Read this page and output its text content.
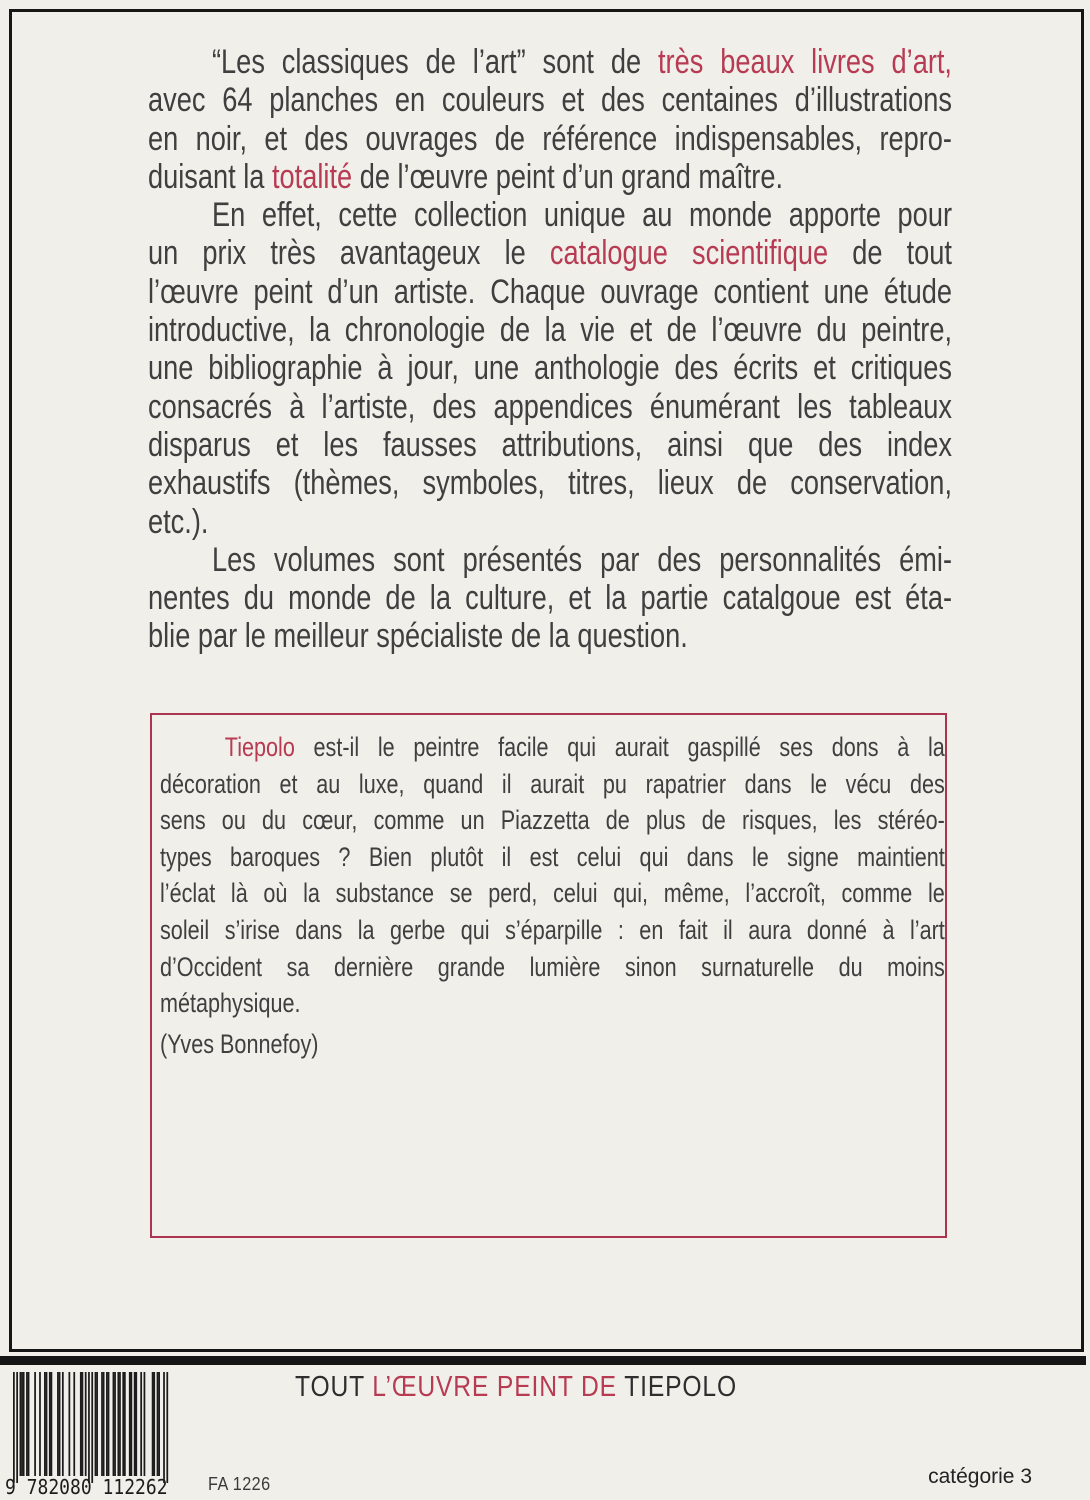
“Les classiques de l’art” sont de très beaux livres d’art,
avec 64 planches en couleurs et des centaines d’illustrations
en noir, et des ouvrages de référence indispensables, repro-
duisant la totalité de l’œuvre peint d’un grand maître.
En effet, cette collection unique au monde apporte pour
un prix très avantageux le catalogue scientifique de tout
l’œuvre peint d’un artiste. Chaque ouvrage contient une étude
introductive, la chronologie de la vie et de l’œuvre du peintre,
une bibliographie à jour, une anthologie des écrits et critiques
consacrés à l’artiste, des appendices énumérant les tableaux
disparus et les fausses attributions, ainsi que des index
exhaustifs (thèmes, symboles, titres, lieux de conservation,
etc.).
Les volumes sont présentés par des personnalités émi-
nentes du monde de la culture, et la partie catalgoue est éta-
blie par le meilleur spécialiste de la question.
Tiepolo est-il le peintre facile qui aurait gaspillé ses dons à la
décoration et au luxe, quand il aurait pu rapatrier dans le vécu des
sens ou du cœur, comme un Piazzetta de plus de risques, les stéréo-
types baroques ? Bien plutôt il est celui qui dans le signe maintient
l’éclat là où la substance se perd, celui qui, même, l’accroît, comme le
soleil s’irise dans la gerbe qui s’éparpille : en fait il aura donné à l’art
d’Occident sa dernière grande lumière sinon surnaturelle du moins
métaphysique.
(Yves Bonnefoy)
TOUT L’ŒUVRE PEINT DE TIEPOLO
9 782080 112262 FA 1226	catégorie 3
